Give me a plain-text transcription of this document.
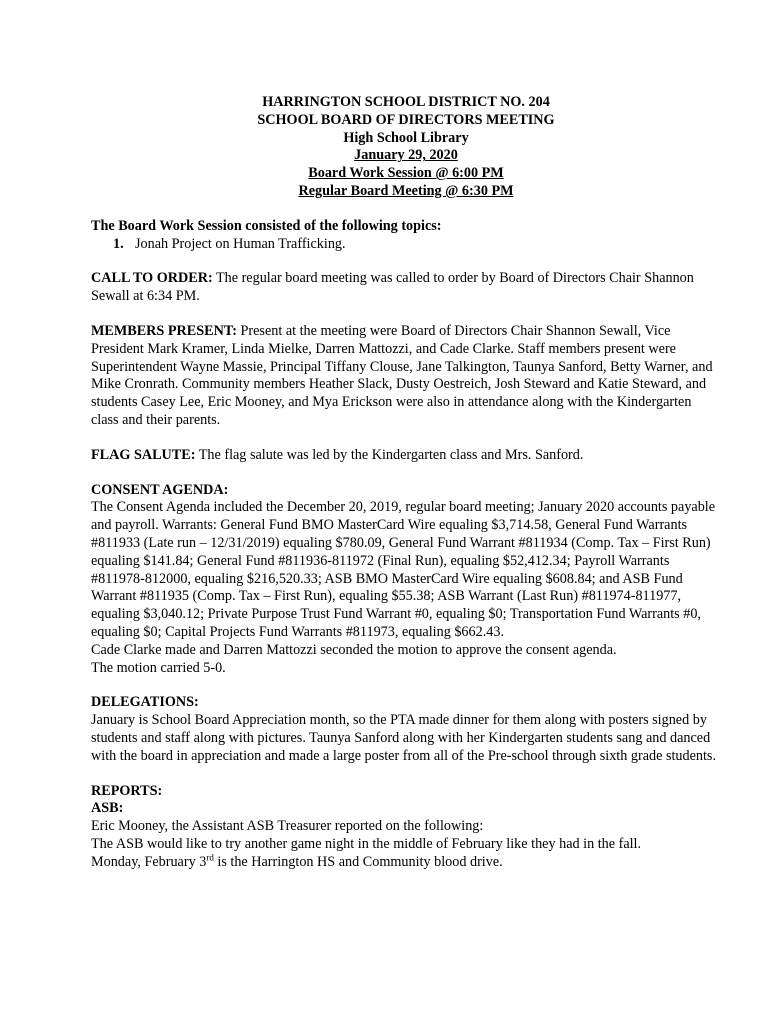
HARRINGTON SCHOOL DISTRICT NO. 204
SCHOOL BOARD OF DIRECTORS MEETING
High School Library
January 29, 2020
Board Work Session @ 6:00 PM
Regular Board Meeting @ 6:30 PM

The Board Work Session consisted of the following topics:

1. Jonah Project on Human Trafficking.

CALL TO ORDER: The regular board meeting was called to order by Board of Directors Chair Shannon Sewall at 6:34 PM.

MEMBERS PRESENT: Present at the meeting were Board of Directors Chair Shannon Sewall, Vice President Mark Kramer, Linda Mielke, Darren Mattozzi, and Cade Clarke. Staff members present were Superintendent Wayne Massie, Principal Tiffany Clouse, Jane Talkington, Taunya Sanford, Betty Warner, and Mike Cronrath. Community members Heather Slack, Dusty Oestreich, Josh Steward and Katie Steward, and students Casey Lee, Eric Mooney, and Mya Erickson were also in attendance along with the Kindergarten class and their parents.

FLAG SALUTE: The flag salute was led by the Kindergarten class and Mrs. Sanford.

CONSENT AGENDA:

The Consent Agenda included the December 20, 2019, regular board meeting; January 2020 accounts payable and payroll. Warrants: General Fund BMO MasterCard Wire equaling $3,714.58, General Fund Warrants #811933 (Late run – 12/31/2019) equaling $780.09, General Fund Warrant #811934 (Comp. Tax – First Run) equaling $141.84; General Fund #811936-811972 (Final Run), equaling $52,412.34; Payroll Warrants #811978-812000, equaling $216,520.33; ASB BMO MasterCard Wire equaling $608.84; and ASB Fund Warrant #811935 (Comp. Tax – First Run), equaling $55.38; ASB Warrant (Last Run) #811974-811977, equaling $3,040.12; Private Purpose Trust Fund Warrant #0, equaling $0; Transportation Fund Warrants #0, equaling $0; Capital Projects Fund Warrants #811973, equaling $662.43.

Cade Clarke made and Darren Mattozzi seconded the motion to approve the consent agenda.

The motion carried 5-0.

DELEGATIONS:

January is School Board Appreciation month, so the PTA made dinner for them along with posters signed by students and staff along with pictures. Taunya Sanford along with her Kindergarten students sang and danced with the board in appreciation and made a large poster from all of the Pre-school through sixth grade students.

REPORTS:

ASB:

Eric Mooney, the Assistant ASB Treasurer reported on the following:

The ASB would like to try another game night in the middle of February like they had in the fall.

Monday, February 3rd is the Harrington HS and Community blood drive.
